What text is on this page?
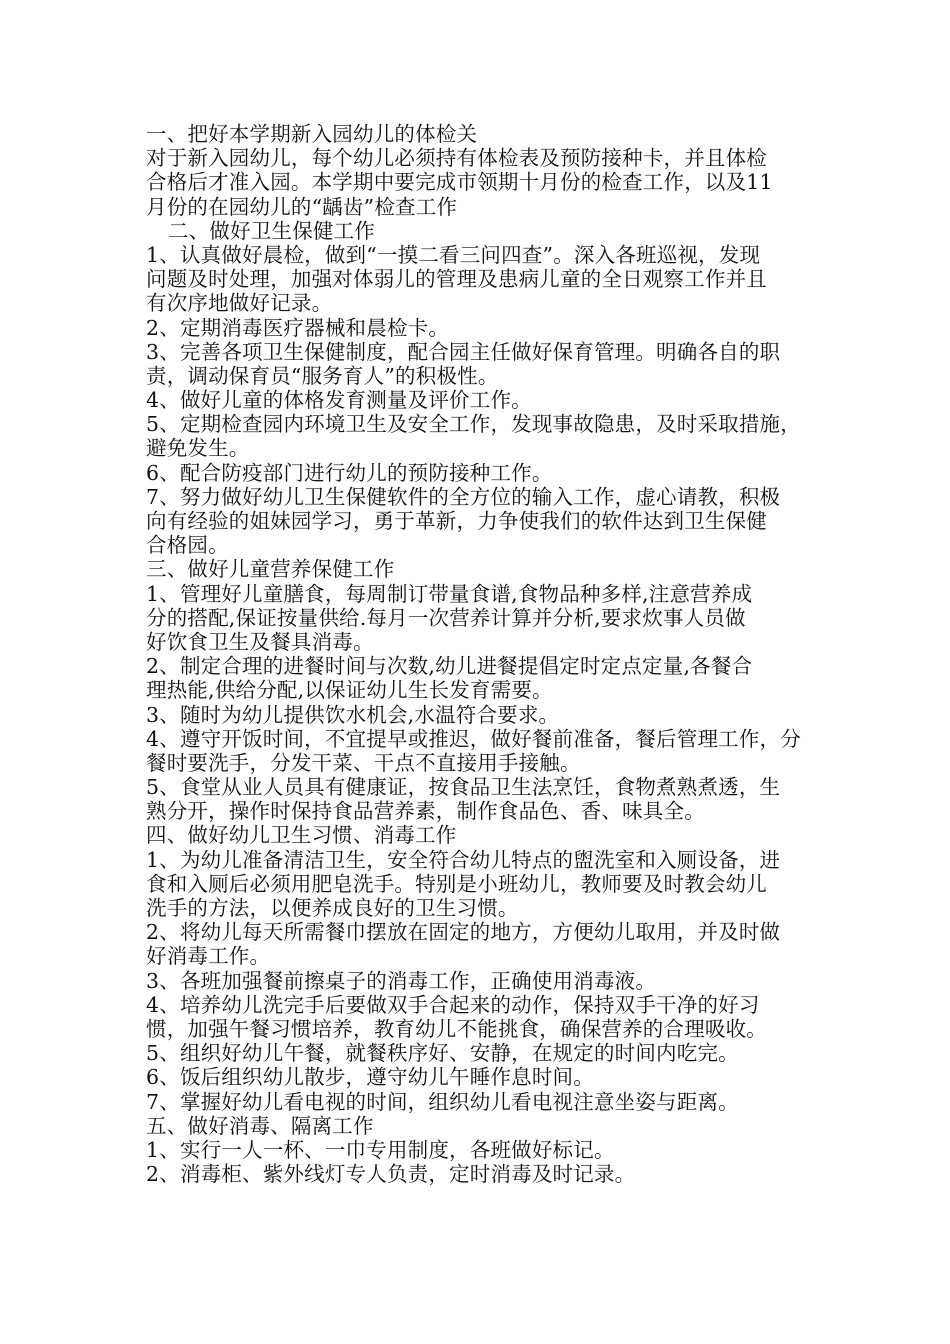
一、把好本学期新入园幼儿的体检关
对于新入园幼儿，每个幼儿必须持有体检表及预防接种卡，并且体检
合格后才准入园。本学期中要完成市领期十月份的检查工作，以及11
月份的在园幼儿的“龋齿”检查工作
二、做好卫生保健工作
1、认真做好晨检，做到“一摸二看三问四查”。深入各班巡视，发现
问题及时处理，加强对体弱儿的管理及患病儿童的全日观察工作并且
有次序地做好记录。
2、定期消毒医疗器械和晨检卡。
3、完善各项卫生保健制度，配合园主任做好保育管理。明确各自的职
责，调动保育员“服务育人”的积极性。
4、做好儿童的体格发育测量及评价工作。
5、定期检查园内环境卫生及安全工作，发现事故隐患，及时采取措施，
避免发生。
6、配合防疫部门进行幼儿的预防接种工作。
7、努力做好幼儿卫生保健软件的全方位的输入工作，虚心请教，积极
向有经验的姐妹园学习，勇于革新，力争使我们的软件达到卫生保健
合格园。
三、做好儿童营养保健工作
1、管理好儿童膳食，每周制订带量食谱,食物品种多样,注意营养成
分的搭配,保证按量供给.每月一次营养计算并分析,要求炊事人员做
好饮食卫生及餐具消毒。
2、制定合理的进餐时间与次数,幼儿进餐提倡定时定点定量,各餐合
理热能,供给分配,以保证幼儿生长发育需要。
3、随时为幼儿提供饮水机会,水温符合要求。
4、遵守开饭时间，不宜提早或推迟，做好餐前准备，餐后管理工作，分
餐时要洗手，分发干菜、干点不直接用手接触。
5、食堂从业人员具有健康证，按食品卫生法烹饪，食物煮熟煮透，生
熟分开，操作时保持食品营养素，制作食品色、香、味具全。
四、做好幼儿卫生习惯、消毒工作
1、为幼儿准备清洁卫生，安全符合幼儿特点的盥洗室和入厕设备，进
食和入厕后必须用肥皂洗手。特别是小班幼儿，教师要及时教会幼儿
洗手的方法，以便养成良好的卫生习惯。
2、将幼儿每天所需餐巾摆放在固定的地方，方便幼儿取用，并及时做
好消毒工作。
3、各班加强餐前擦桌子的消毒工作，正确使用消毒液。
4、培养幼儿洗完手后要做双手合起来的动作，保持双手干净的好习
惯，加强午餐习惯培养，教育幼儿不能挑食，确保营养的合理吸收。
5、组织好幼儿午餐，就餐秩序好、安静，在规定的时间内吃完。
6、饭后组织幼儿散步，遵守幼儿午睡作息时间。
7、掌握好幼儿看电视的时间，组织幼儿看电视注意坐姿与距离。
五、做好消毒、隔离工作
1、实行一人一杯、一巾专用制度，各班做好标记。
2、消毒柜、紫外线灯专人负责，定时消毒及时记录。
